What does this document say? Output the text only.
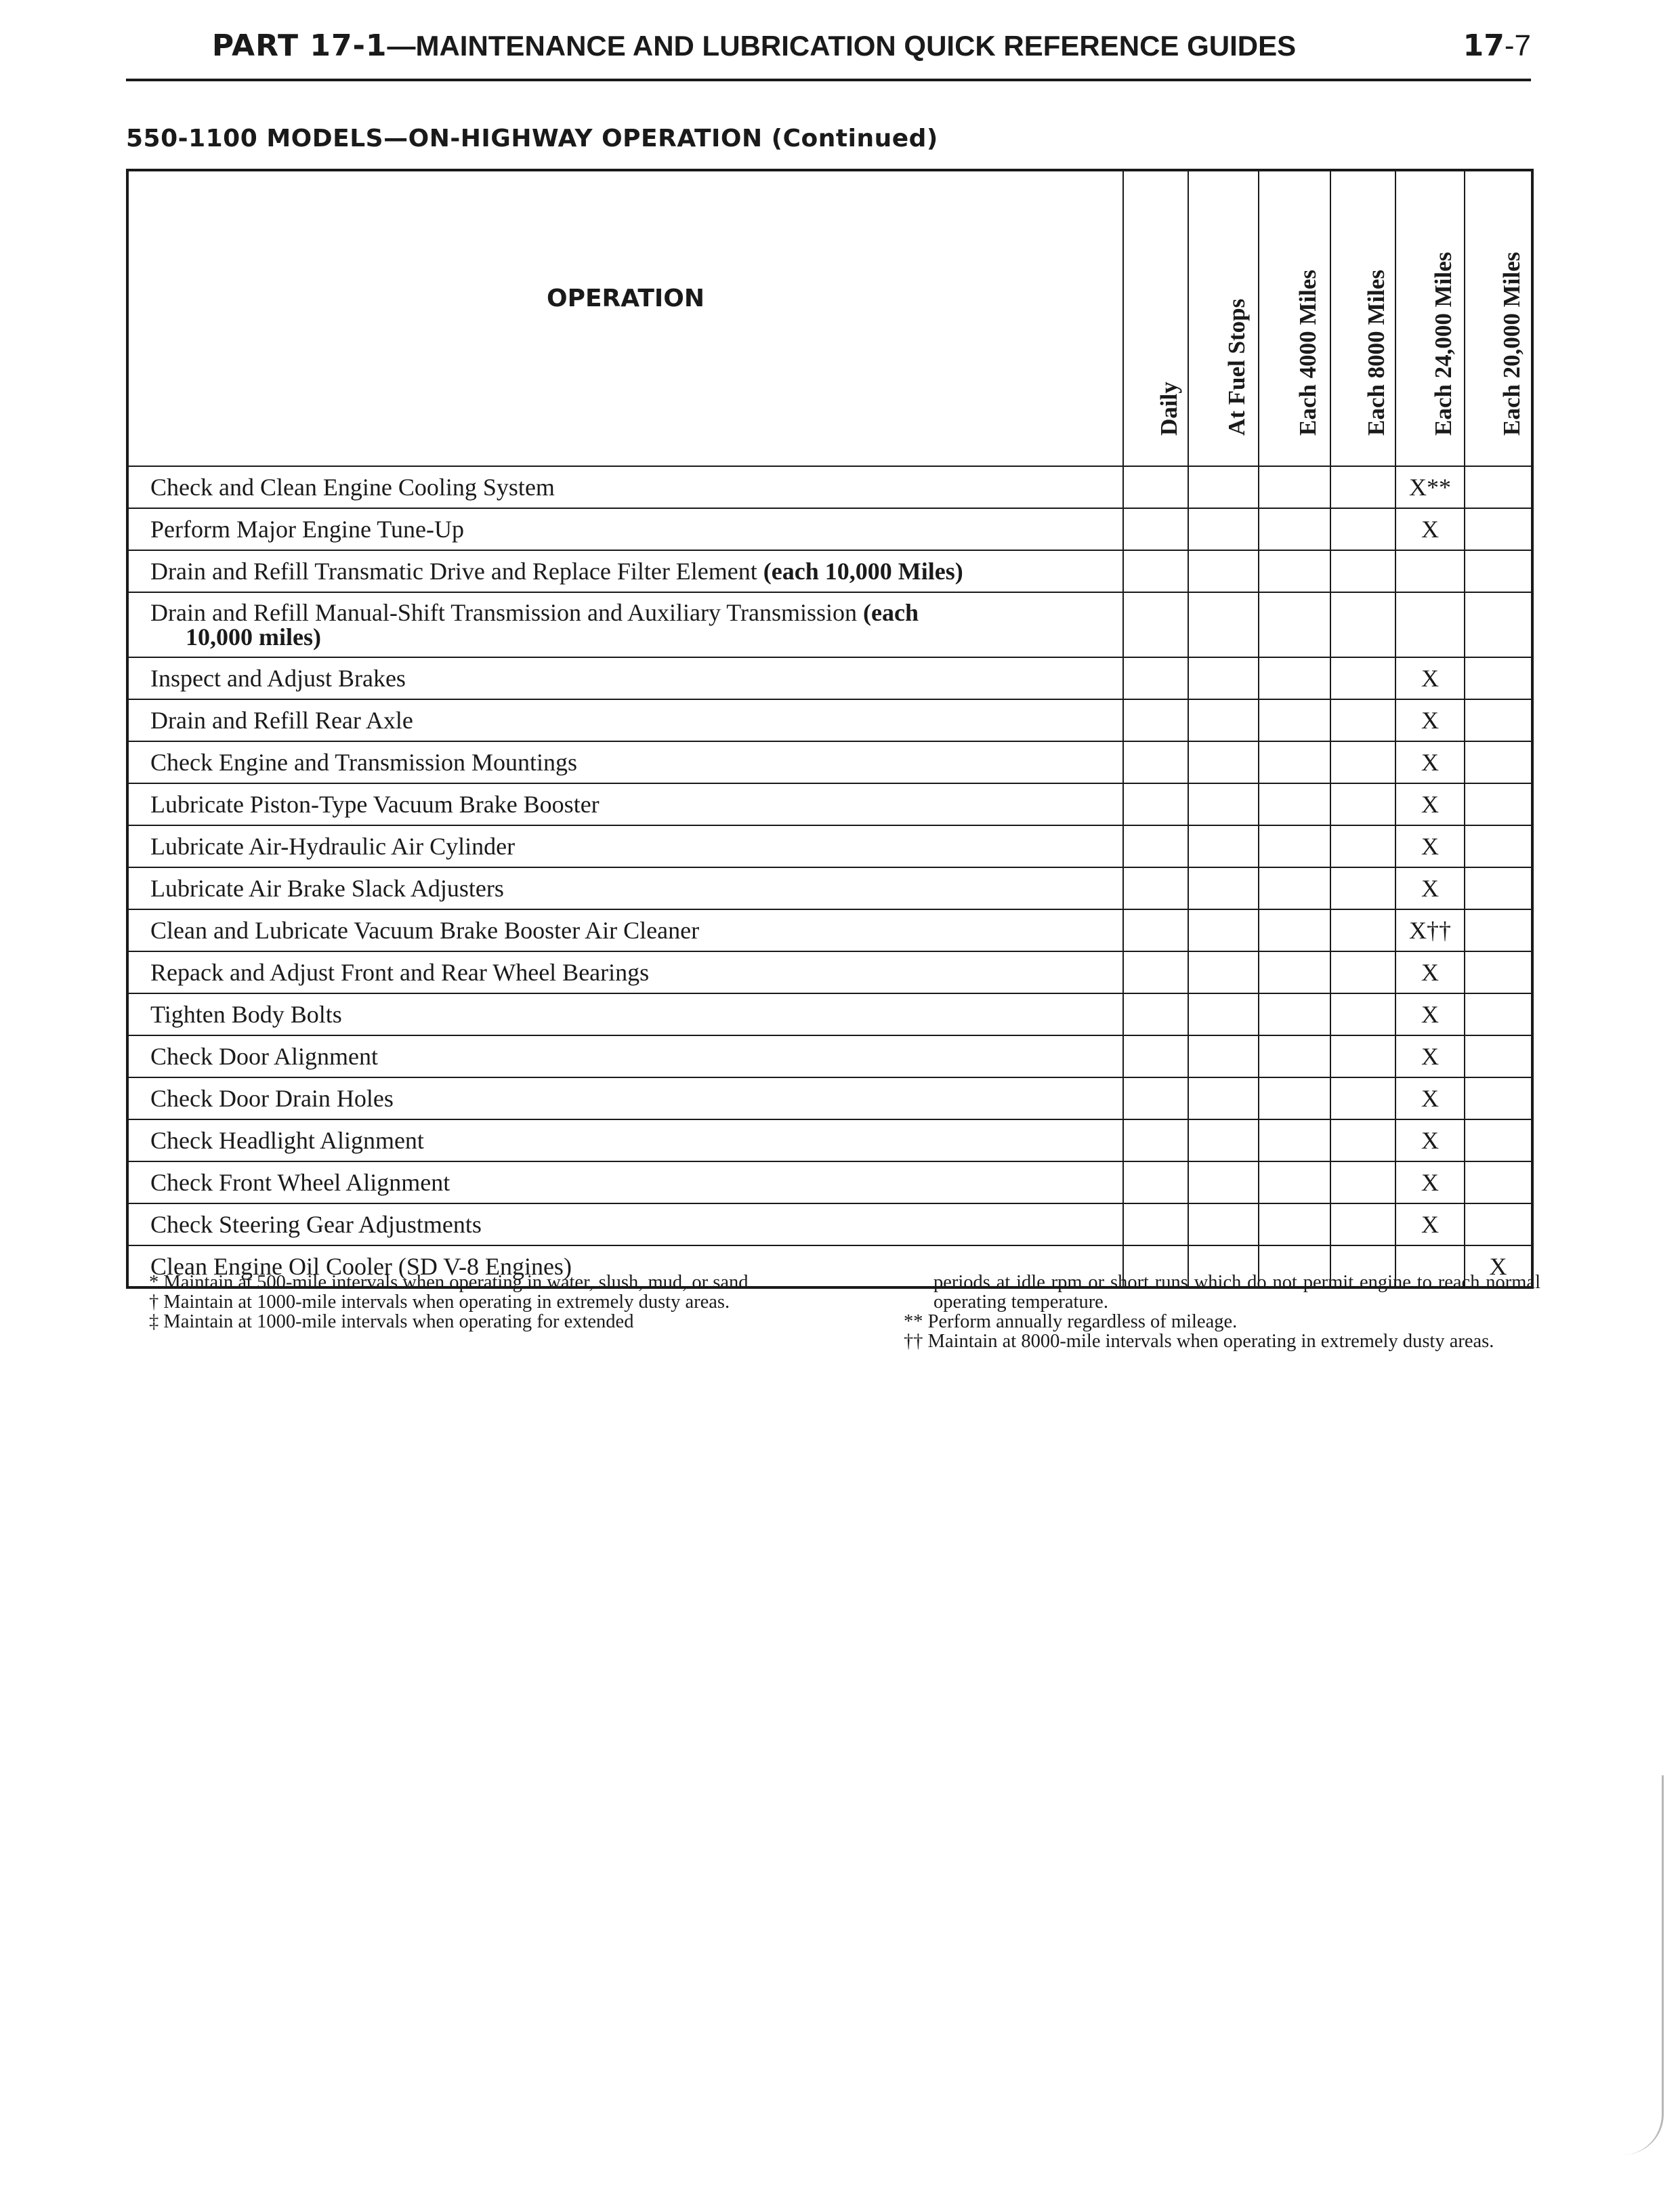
PART 17-1—MAINTENANCE AND LUBRICATION QUICK REFERENCE GUIDES	17-7
550-1100 MODELS—ON-HIGHWAY OPERATION (Continued)
OPERATION	Daily	At Fuel Stops	Each 4000 Miles	Each 8000 Miles	Each 24,000 Miles	Each 20,000 Miles

Check and Clean Engine Cooling System					X**	
Perform Major Engine Tune-Up					X	
Drain and Refill Transmatic Drive and Replace Filter Element (each 10,000 Miles)						
Drain and Refill Manual-Shift Transmission and Auxiliary Transmission (each
10,000 miles)						
Inspect and Adjust Brakes					X	
Drain and Refill Rear Axle					X	
Check Engine and Transmission Mountings					X	
Lubricate Piston-Type Vacuum Brake Booster					X	
Lubricate Air-Hydraulic Air Cylinder					X	
Lubricate Air Brake Slack Adjusters					X	
Clean and Lubricate Vacuum Brake Booster Air Cleaner					X††	
Repack and Adjust Front and Rear Wheel Bearings					X	
Tighten Body Bolts					X	
Check Door Alignment					X	
Check Door Drain Holes					X	
Check Headlight Alignment					X	
Check Front Wheel Alignment					X	
Check Steering Gear Adjustments					X	
Clean Engine Oil Cooler (SD V-8 Engines)						X

* Maintain at 500-mile intervals when operating in water, slush, mud, or sand.

† Maintain at 1000-mile intervals when operating in extremely dusty areas.

‡ Maintain at 1000-mile intervals when operating for extended

periods at idle rpm or short runs which do not permit engine to reach normal operating temperature.

** Perform annually regardless of mileage.

†† Maintain at 8000-mile intervals when operating in extremely dusty areas.
